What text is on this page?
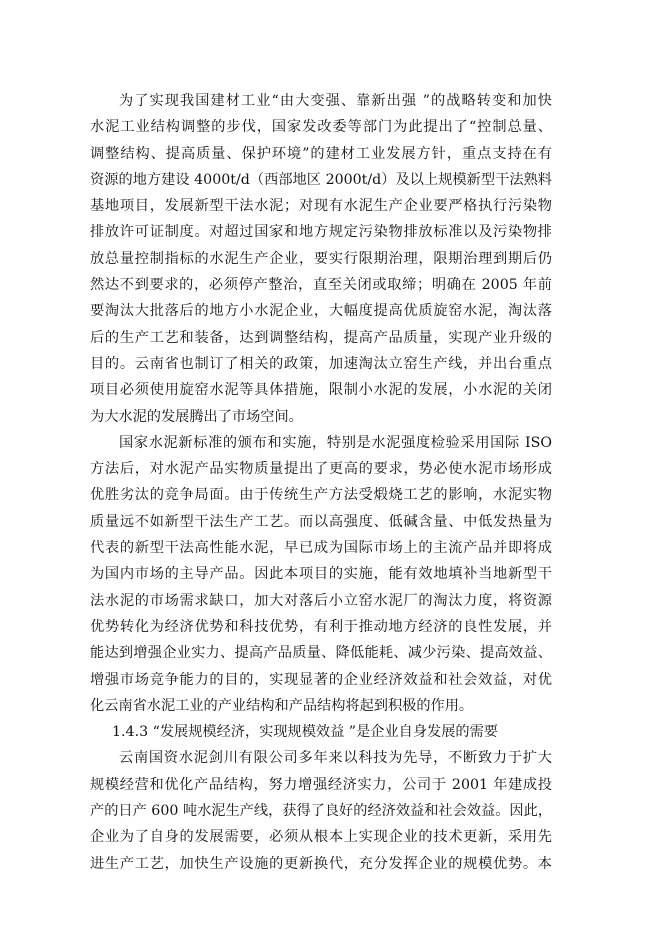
为了实现我国建材工业“由大变强、靠新出强 ”的战略转变和加快
水泥工业结构调整的步伐，国家发改委等部门为此提出了“控制总量、
调整结构、提高质量、保护环境”的建材工业发展方针，重点支持在有
资源的地方建设 4000t/d（西部地区 2000t/d）及以上规模新型干法熟料
基地项目，发展新型干法水泥；对现有水泥生产企业要严格执行污染物
排放许可证制度。对超过国家和地方规定污染物排放标准以及污染物排
放总量控制指标的水泥生产企业，要实行限期治理，限期治理到期后仍
然达不到要求的，必须停产整治，直至关闭或取缔；明确在 2005 年前
要淘汰大批落后的地方小水泥企业，大幅度提高优质旋窑水泥，淘汰落
后的生产工艺和装备，达到调整结构，提高产品质量，实现产业升级的
目的。云南省也制订了相关的政策，加速淘汰立窑生产线，并出台重点
项目必须使用旋窑水泥等具体措施，限制小水泥的发展，小水泥的关闭
为大水泥的发展腾出了市场空间。
国家水泥新标准的颁布和实施，特别是水泥强度检验采用国际 ISO
方法后，对水泥产品实物质量提出了更高的要求，势必使水泥市场形成
优胜劣汰的竞争局面。由于传统生产方法受煅烧工艺的影响，水泥实物
质量远不如新型干法生产工艺。而以高强度、低碱含量、中低发热量为
代表的新型干法高性能水泥，早已成为国际市场上的主流产品并即将成
为国内市场的主导产品。因此本项目的实施，能有效地填补当地新型干
法水泥的市场需求缺口，加大对落后小立窑水泥厂的淘汰力度，将资源
优势转化为经济优势和科技优势，有利于推动地方经济的良性发展，并
能达到增强企业实力、提高产品质量、降低能耗、减少污染、提高效益、
增强市场竞争能力的目的，实现显著的企业经济效益和社会效益，对优
化云南省水泥工业的产业结构和产品结构将起到积极的作用。
1.4.3 “发展规模经济，实现规模效益 ”是企业自身发展的需要
云南国资水泥剑川有限公司多年来以科技为先导，不断致力于扩大
规模经营和优化产品结构，努力增强经济实力，公司于 2001 年建成投
产的日产 600 吨水泥生产线，获得了良好的经济效益和社会效益。因此，
企业为了自身的发展需要，必须从根本上实现企业的技术更新，采用先
进生产工艺，加快生产设施的更新换代，充分发挥企业的规模优势。本
